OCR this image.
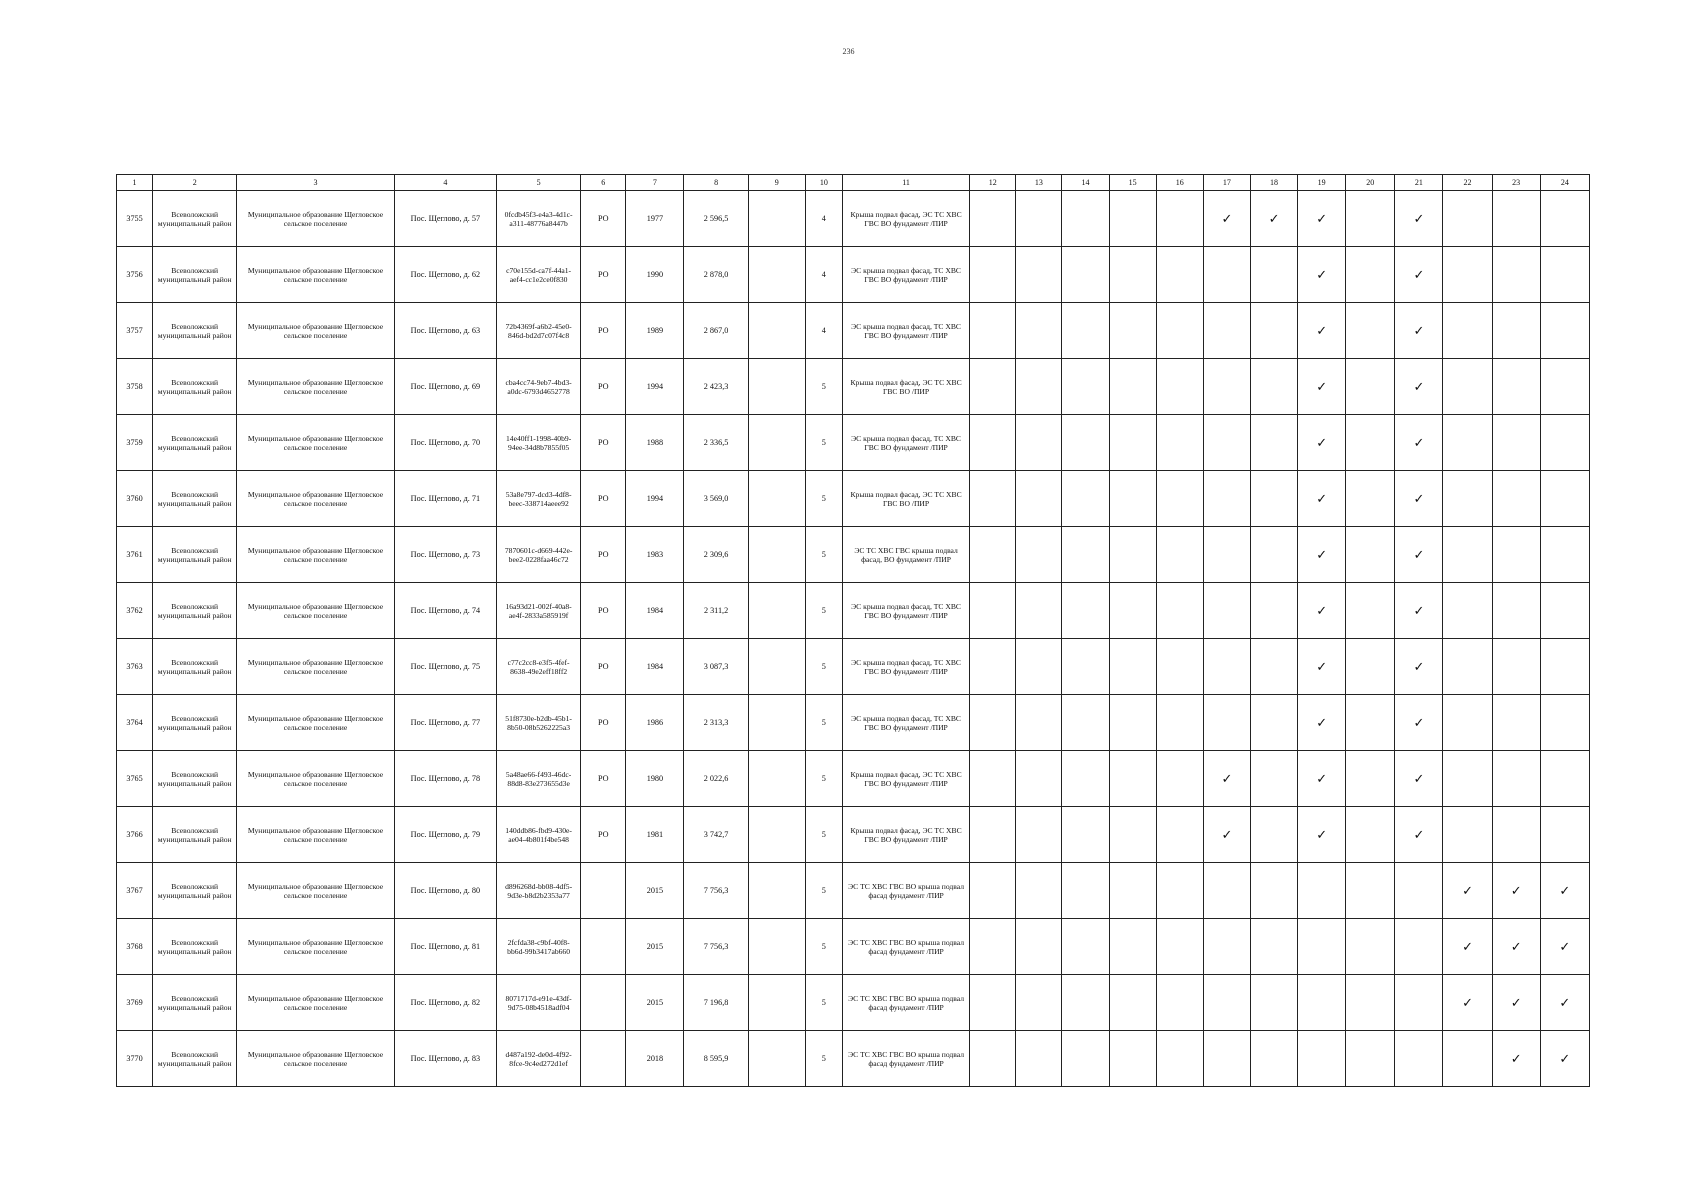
236
1	2	3	4	5	6	7	8	9	10	11	12	13	14	15	16	17	18	19	20	21	22	23	24
3755	Всеволожский муниципальный район	Муниципальное образование Щегловское сельское поселение	Пос. Щеглово, д. 57	0fcdb45f3-e4a3-4d1c-a311-48776a8447b	РО	1977	2 596,5		4	Крыша подвал фасад, ЭС ТС ХВС ГВС ВО фундамент /ПИР						✓	✓	✓		✓			
3756	Всеволожский муниципальный район	Муниципальное образование Щегловское сельское поселение	Пос. Щеглово, д. 62	c70e155d-ca7f-44a1-aef4-cc1e2ce0f830	РО	1990	2 878,0		4	ЭС крыша подвал фасад, ТС ХВС ГВС ВО фундамент /ПИР								✓		✓			
3757	Всеволожский муниципальный район	Муниципальное образование Щегловское сельское поселение	Пос. Щеглово, д. 63	72b4369f-a6b2-45e0-846d-bd2d7c07f4c8	РО	1989	2 867,0		4	ЭС крыша подвал фасад, ТС ХВС ГВС ВО фундамент /ПИР								✓		✓			
3758	Всеволожский муниципальный район	Муниципальное образование Щегловское сельское поселение	Пос. Щеглово, д. 69	cba4cc74-9eb7-4bd3-a0dc-6793d4652778	РО	1994	2 423,3		5	Крыша подвал фасад, ЭС ТС ХВС ГВС ВО /ПИР								✓		✓			
3759	Всеволожский муниципальный район	Муниципальное образование Щегловское сельское поселение	Пос. Щеглово, д. 70	14e40ff1-1998-40b9-94ee-34d8b7855f05	РО	1988	2 336,5		5	ЭС крыша подвал фасад, ТС ХВС ГВС ВО фундамент /ПИР								✓		✓			
3760	Всеволожский муниципальный район	Муниципальное образование Щегловское сельское поселение	Пос. Щеглово, д. 71	53a8e797-dcd3-4df8-beec-338714aeee92	РО	1994	3 569,0		5	Крыша подвал фасад, ЭС ТС ХВС ГВС ВО /ПИР								✓		✓			
3761	Всеволожский муниципальный район	Муниципальное образование Щегловское сельское поселение	Пос. Щеглово, д. 73	7870601c-d669-442e-bee2-0228faa46c72	РО	1983	2 309,6		5	ЭС ТС ХВС ГВС крыша подвал фасад, ВО фундамент /ПИР								✓		✓			
3762	Всеволожский муниципальный район	Муниципальное образование Щегловское сельское поселение	Пос. Щеглово, д. 74	16a93d21-002f-40a8-ae4f-2833a585919f	РО	1984	2 311,2		5	ЭС крыша подвал фасад, ТС ХВС ГВС ВО фундамент /ПИР								✓		✓			
3763	Всеволожский муниципальный район	Муниципальное образование Щегловское сельское поселение	Пос. Щеглово, д. 75	c77c2cc8-e3f5-4fef-8638-49e2eff18ff2	РО	1984	3 087,3		5	ЭС крыша подвал фасад, ТС ХВС ГВС ВО фундамент /ПИР								✓		✓			
3764	Всеволожский муниципальный район	Муниципальное образование Щегловское сельское поселение	Пос. Щеглово, д. 77	51f8730e-b2db-45b1-8b50-08b5262225a3	РО	1986	2 313,3		5	ЭС крыша подвал фасад, ТС ХВС ГВС ВО фундамент /ПИР								✓		✓			
3765	Всеволожский муниципальный район	Муниципальное образование Щегловское сельское поселение	Пос. Щеглово, д. 78	5a48ae66-f493-46dc-88d8-83e273655d3e	РО	1980	2 022,6		5	Крыша подвал фасад, ЭС ТС ХВС ГВС ВО фундамент /ПИР						✓		✓		✓			
3766	Всеволожский муниципальный район	Муниципальное образование Щегловское сельское поселение	Пос. Щеглово, д. 79	140ddb86-fbd9-430e-ae04-4b801f4be548	РО	1981	3 742,7		5	Крыша подвал фасад, ЭС ТС ХВС ГВС ВО фундамент /ПИР						✓		✓		✓			
3767	Всеволожский муниципальный район	Муниципальное образование Щегловское сельское поселение	Пос. Щеглово, д. 80	d896268d-bb08-4df5-9d3e-b8d2b2353a77		2015	7 756,3		5	ЭС ТС ХВС ГВС ВО крыша подвал фасад фундамент /ПИР											✓	✓	✓
3768	Всеволожский муниципальный район	Муниципальное образование Щегловское сельское поселение	Пос. Щеглово, д. 81	2fcfda38-c9bf-40f8-bb6d-99b3417ab660		2015	7 756,3		5	ЭС ТС ХВС ГВС ВО крыша подвал фасад фундамент /ПИР											✓	✓	✓
3769	Всеволожский муниципальный район	Муниципальное образование Щегловское сельское поселение	Пос. Щеглово, д. 82	8071717d-e91e-43df-9d75-08b4518adf04		2015	7 196,8		5	ЭС ТС ХВС ГВС ВО крыша подвал фасад фундамент /ПИР											✓	✓	✓
3770	Всеволожский муниципальный район	Муниципальное образование Щегловское сельское поселение	Пос. Щеглово, д. 83	d487a192-de0d-4f92-8fce-9c4ed272d1ef		2018	8 595,9		5	ЭС ТС ХВС ГВС ВО крыша подвал фасад фундамент /ПИР												✓	✓
